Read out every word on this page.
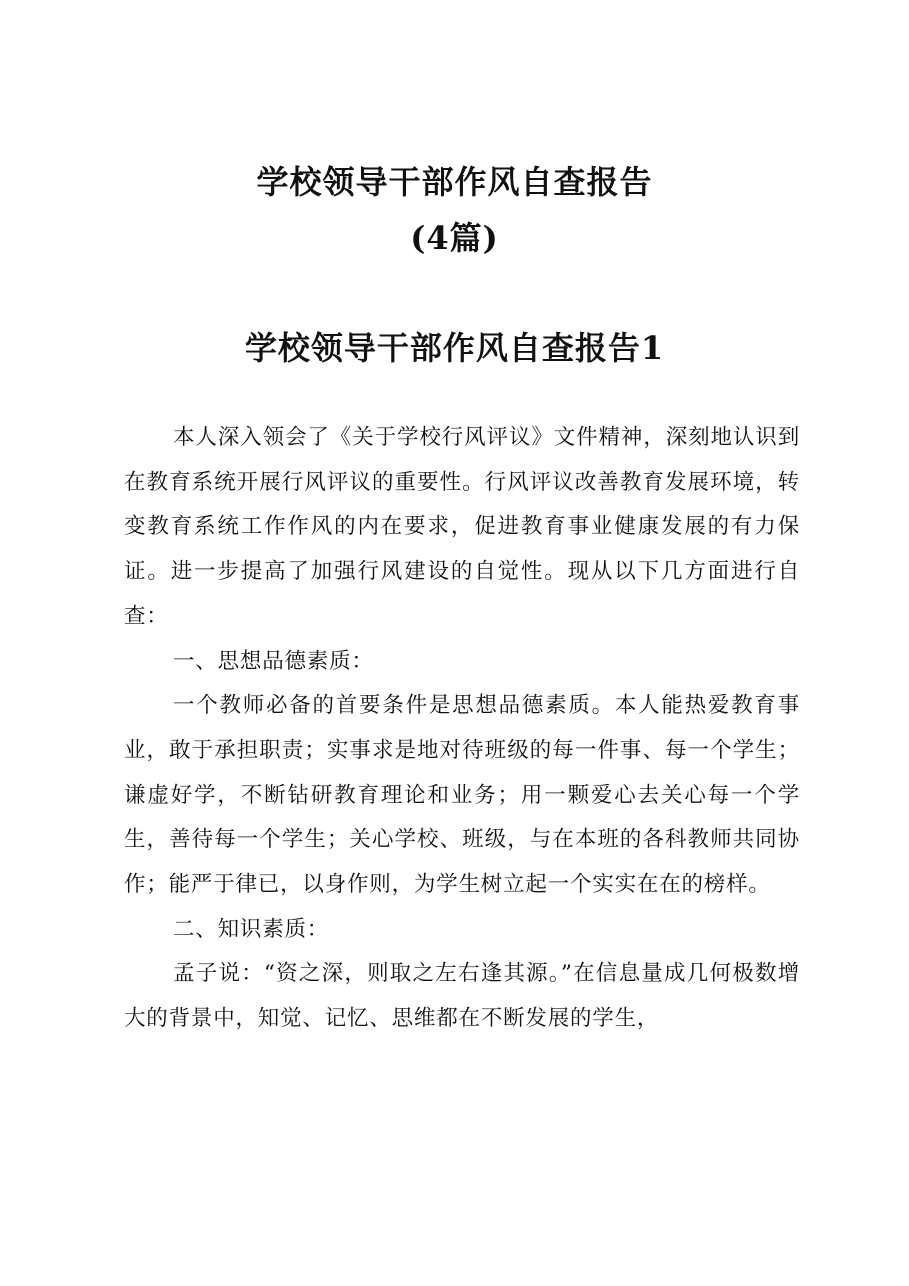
学校领导干部作风自查报告
(4篇)
学校领导干部作风自查报告1

本人深入领会了《关于学校行风评议》文件精神，深刻地认识到在教育系统开展行风评议的重要性。行风评议改善教育发展环境，转变教育系统工作作风的内在要求，促进教育事业健康发展的有力保证。进一步提高了加强行风建设的自觉性。现从以下几方面进行自查：

一、思想品德素质：

一个教师必备的首要条件是思想品德素质。本人能热爱教育事业，敢于承担职责；实事求是地对待班级的每一件事、每一个学生；谦虚好学，不断钻研教育理论和业务；用一颗爱心去关心每一个学生，善待每一个学生；关心学校、班级，与在本班的各科教师共同协作；能严于律已，以身作则，为学生树立起一个实实在在的榜样。

二、知识素质：

孟子说：“资之深，则取之左右逢其源。”在信息量成几何极数增大的背景中，知觉、记忆、思维都在不断发展的学生，
